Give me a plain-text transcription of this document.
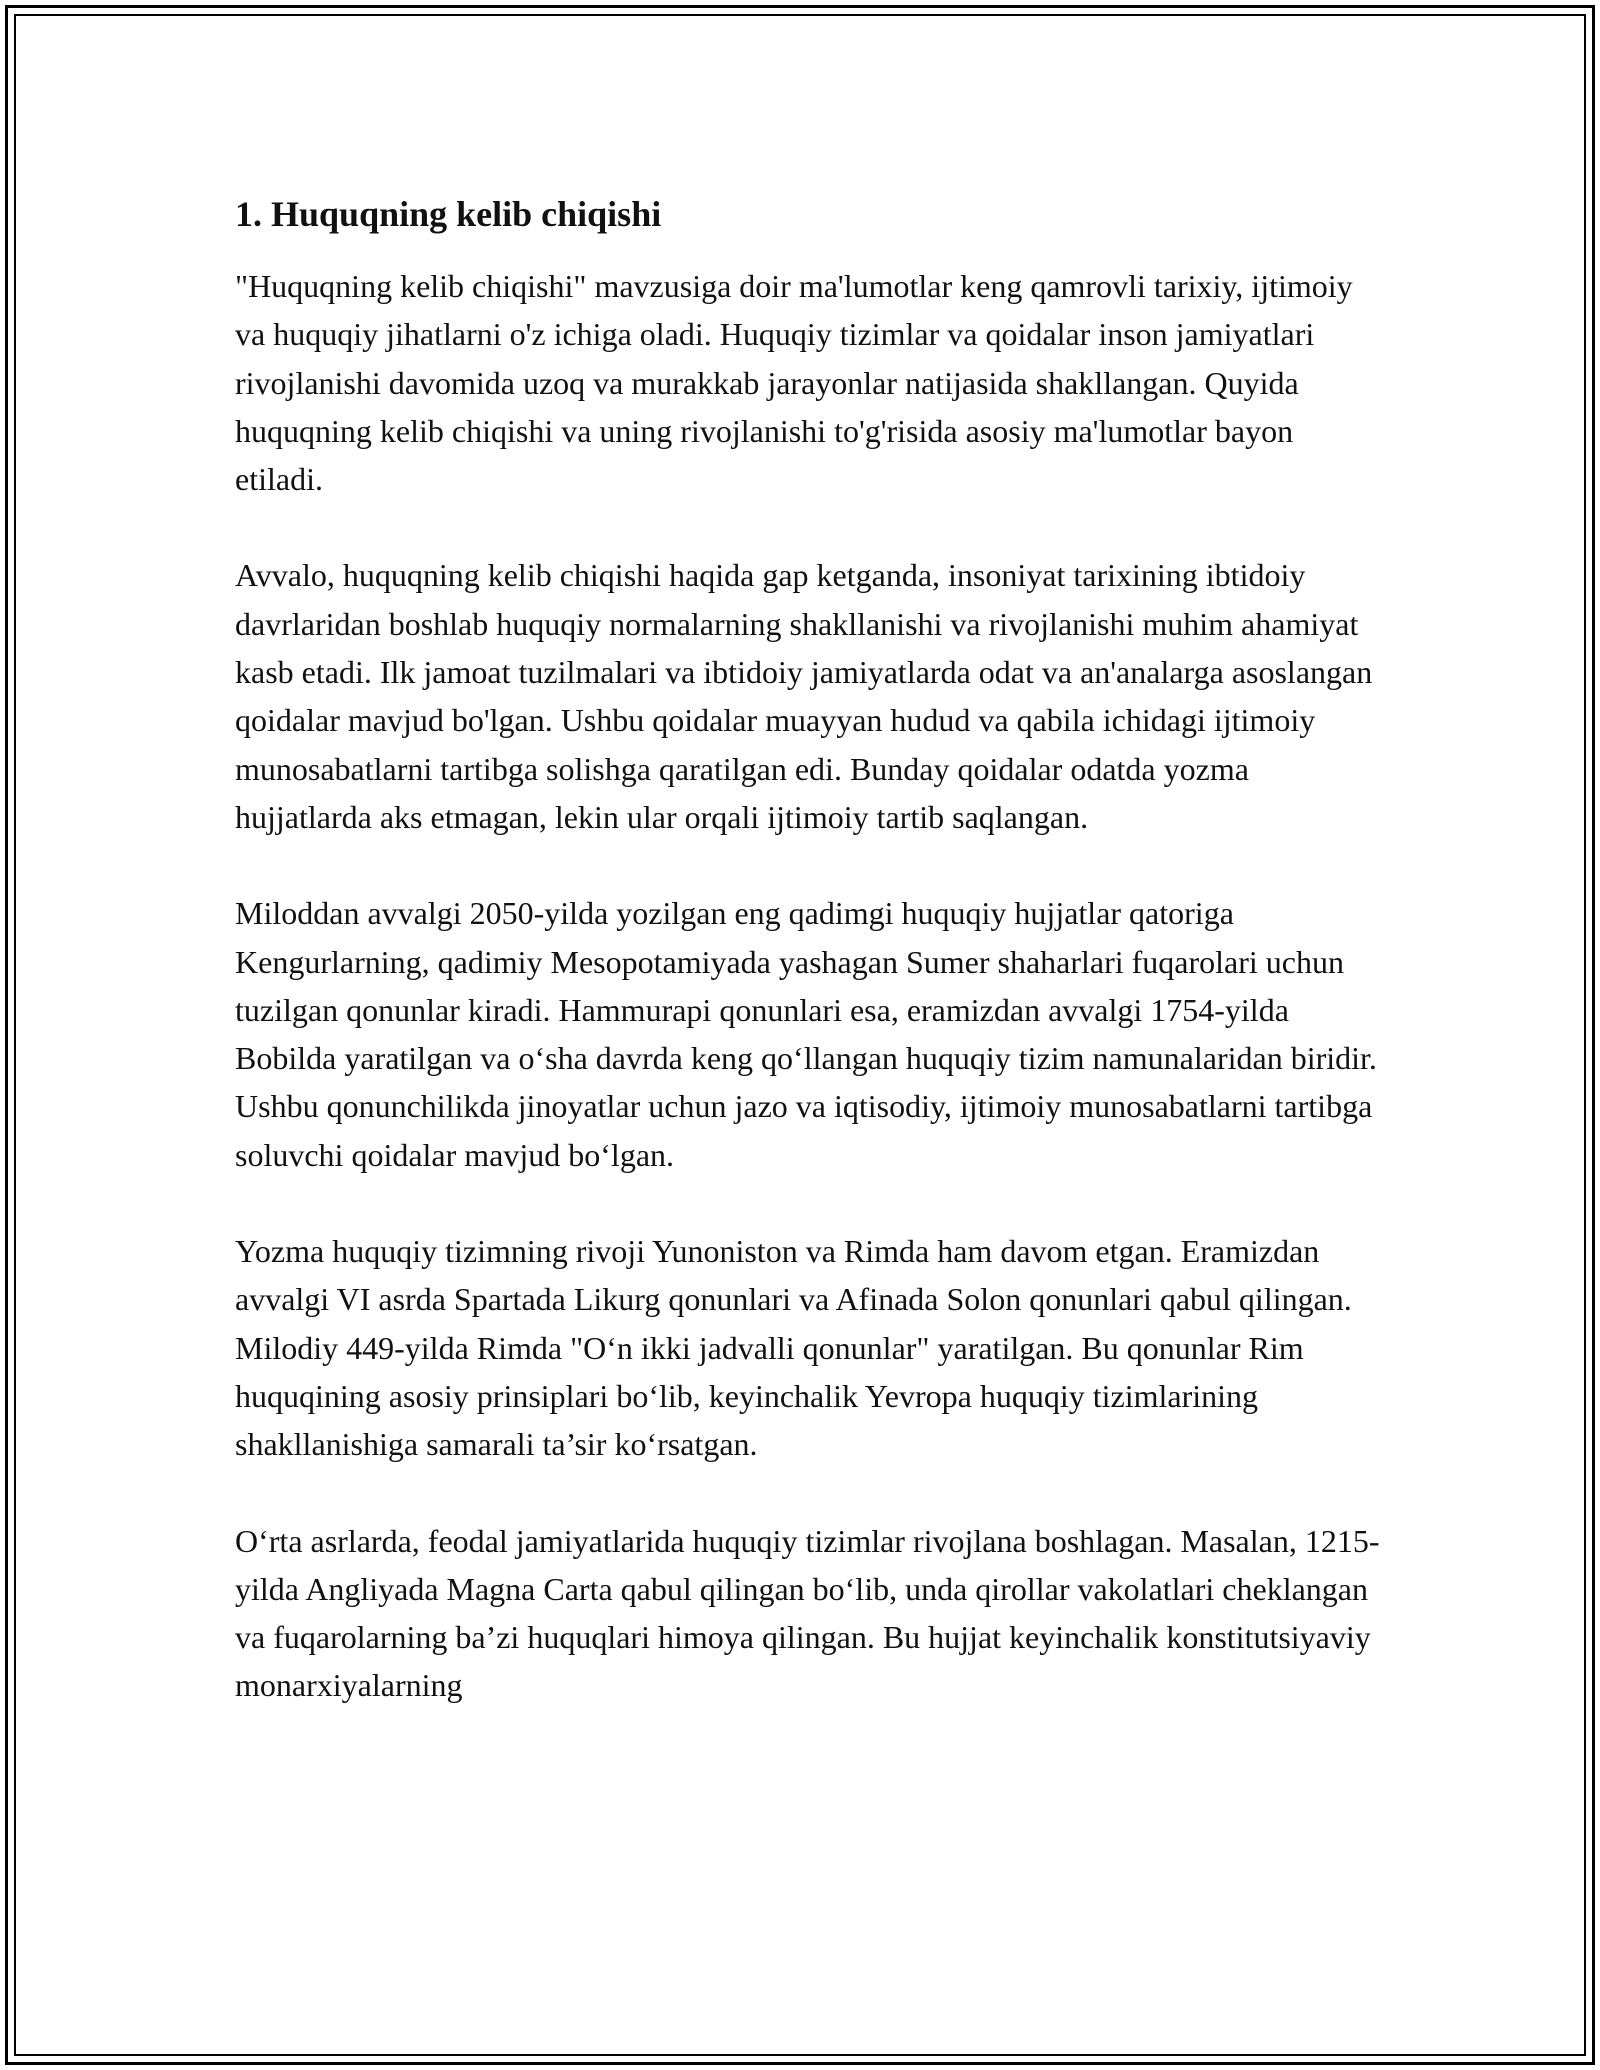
1. Huquqning kelib chiqishi

"Huquqning kelib chiqishi" mavzusiga doir ma'lumotlar keng qamrovli tarixiy, ijtimoiy va huquqiy jihatlarni o'z ichiga oladi. Huquqiy tizimlar va qoidalar inson jamiyatlari rivojlanishi davomida uzoq va murakkab jarayonlar natijasida shakllangan. Quyida huquqning kelib chiqishi va uning rivojlanishi to'g'risida asosiy ma'lumotlar bayon etiladi.

Avvalo, huquqning kelib chiqishi haqida gap ketganda, insoniyat tarixining ibtidoiy davrlaridan boshlab huquqiy normalarning shakllanishi va rivojlanishi muhim ahamiyat kasb etadi. Ilk jamoat tuzilmalari va ibtidoiy jamiyatlarda odat va an'analarga asoslangan qoidalar mavjud bo'lgan. Ushbu qoidalar muayyan hudud va qabila ichidagi ijtimoiy munosabatlarni tartibga solishga qaratilgan edi. Bunday qoidalar odatda yozma hujjatlarda aks etmagan, lekin ular orqali ijtimoiy tartib saqlangan.

Miloddan avvalgi 2050-yilda yozilgan eng qadimgi huquqiy hujjatlar qatoriga Kengurlarning, qadimiy Mesopotamiyada yashagan Sumer shaharlari fuqarolari uchun tuzilgan qonunlar kiradi. Hammurapi qonunlari esa, eramizdan avvalgi 1754-yilda Bobilda yaratilgan va o‘sha davrda keng qo‘llangan huquqiy tizim namunalaridan biridir. Ushbu qonunchilikda jinoyatlar uchun jazo va iqtisodiy, ijtimoiy munosabatlarni tartibga soluvchi qoidalar mavjud bo‘lgan.

Yozma huquqiy tizimning rivoji Yunoniston va Rimda ham davom etgan. Eramizdan avvalgi VI asrda Spartada Likurg qonunlari va Afinada Solon qonunlari qabul qilingan. Milodiy 449-yilda Rimda "O‘n ikki jadvalli qonunlar" yaratilgan. Bu qonunlar Rim huquqining asosiy prinsiplari bo‘lib, keyinchalik Yevropa huquqiy tizimlarining shakllanishiga samarali ta’sir ko‘rsatgan.

O‘rta asrlarda, feodal jamiyatlarida huquqiy tizimlar rivojlana boshlagan. Masalan, 1215-yilda Angliyada Magna Carta qabul qilingan bo‘lib, unda qirollar vakolatlari cheklangan va fuqarolarning ba’zi huquqlari himoya qilingan. Bu hujjat keyinchalik konstitutsiyaviy monarxiyalarning
